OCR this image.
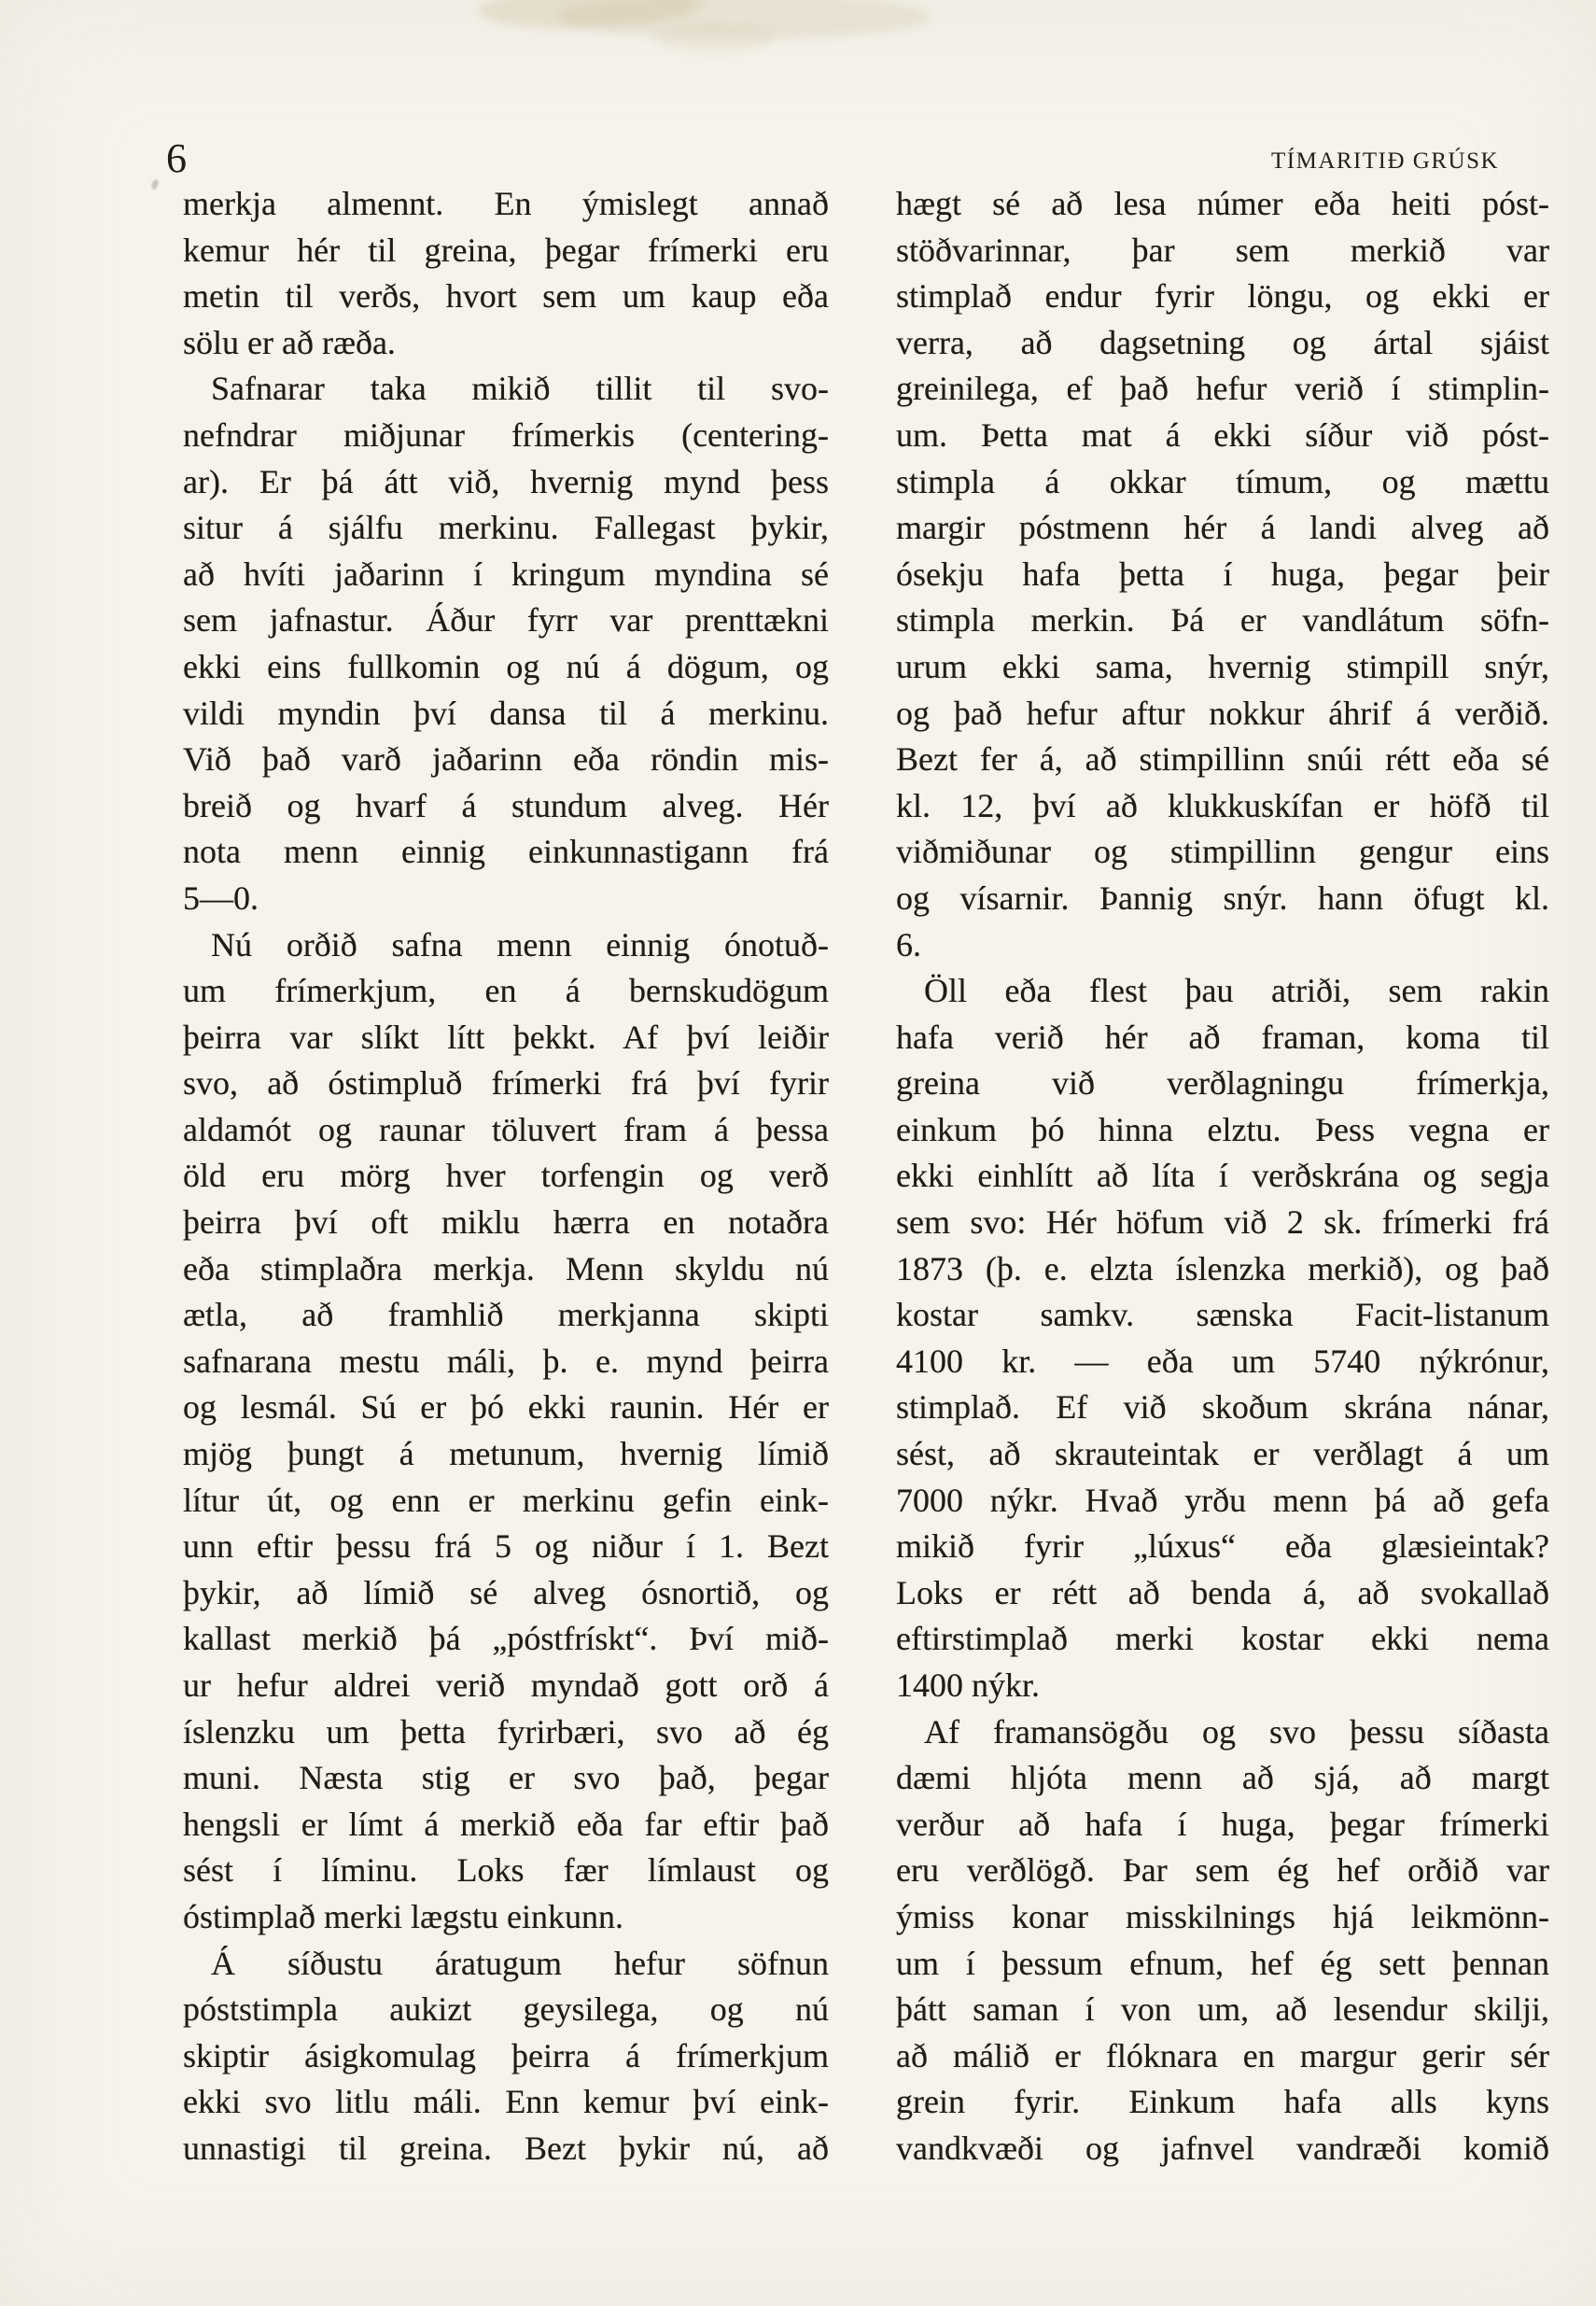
6	TÍMARITIÐ GRÚSK
merkja almennt. En ýmislegt annað
kemur hér til greina, þegar frímerki eru
metin til verðs, hvort sem um kaup eða
sölu er að ræða.
Safnarar taka mikið tillit til svo-
nefndrar miðjunar frímerkis (centering-
ar). Er þá átt við, hvernig mynd þess
situr á sjálfu merkinu. Fallegast þykir,
að hvíti jaðarinn í kringum myndina sé
sem jafnastur. Áður fyrr var prenttækni
ekki eins fullkomin og nú á dögum, og
vildi myndin því dansa til á merkinu.
Við það varð jaðarinn eða röndin mis-
breið og hvarf á stundum alveg. Hér
nota menn einnig einkunnastigann frá
5—0.
Nú orðið safna menn einnig ónotuð-
um frímerkjum, en á bernskudögum
þeirra var slíkt lítt þekkt. Af því leiðir
svo, að óstimpluð frímerki frá því fyrir
aldamót og raunar töluvert fram á þessa
öld eru mörg hver torfengin og verð
þeirra því oft miklu hærra en notaðra
eða stimplaðra merkja. Menn skyldu nú
ætla, að framhlið merkjanna skipti
safnarana mestu máli, þ. e. mynd þeirra
og lesmál. Sú er þó ekki raunin. Hér er
mjög þungt á metunum, hvernig límið
lítur út, og enn er merkinu gefin eink-
unn eftir þessu frá 5 og niður í 1. Bezt
þykir, að límið sé alveg ósnortið, og
kallast merkið þá „póstfrískt“. Því mið-
ur hefur aldrei verið myndað gott orð á
íslenzku um þetta fyrirbæri, svo að ég
muni. Næsta stig er svo það, þegar
hengsli er límt á merkið eða far eftir það
sést í líminu. Loks fær límlaust og
óstimplað merki lægstu einkunn.
Á síðustu áratugum hefur söfnun
póststimpla aukizt geysilega, og nú
skiptir ásigkomulag þeirra á frímerkjum
ekki svo litlu máli. Enn kemur því eink-
unnastigi til greina. Bezt þykir nú, að
hægt sé að lesa númer eða heiti póst-
stöðvarinnar, þar sem merkið var
stimplað endur fyrir löngu, og ekki er
verra, að dagsetning og ártal sjáist
greinilega, ef það hefur verið í stimplin-
um. Þetta mat á ekki síður við póst-
stimpla á okkar tímum, og mættu
margir póstmenn hér á landi alveg að
ósekju hafa þetta í huga, þegar þeir
stimpla merkin. Þá er vandlátum söfn-
urum ekki sama, hvernig stimpill snýr,
og það hefur aftur nokkur áhrif á verðið.
Bezt fer á, að stimpillinn snúi rétt eða sé
kl. 12, því að klukkuskífan er höfð til
viðmiðunar og stimpillinn gengur eins
og vísarnir. Þannig snýr. hann öfugt kl.
6.
Öll eða flest þau atriði, sem rakin
hafa verið hér að framan, koma til
greina við verðlagningu frímerkja,
einkum þó hinna elztu. Þess vegna er
ekki einhlítt að líta í verðskrána og segja
sem svo: Hér höfum við 2 sk. frímerki frá
1873 (þ. e. elzta íslenzka merkið), og það
kostar samkv. sænska Facit-listanum
4100 kr. — eða um 5740 nýkrónur,
stimplað. Ef við skoðum skrána nánar,
sést, að skrauteintak er verðlagt á um
7000 nýkr. Hvað yrðu menn þá að gefa
mikið fyrir „lúxus“ eða glæsieintak?
Loks er rétt að benda á, að svokallað
eftirstimplað merki kostar ekki nema
1400 nýkr.
Af framansögðu og svo þessu síðasta
dæmi hljóta menn að sjá, að margt
verður að hafa í huga, þegar frímerki
eru verðlögð. Þar sem ég hef orðið var
ýmiss konar misskilnings hjá leikmönn-
um í þessum efnum, hef ég sett þennan
þátt saman í von um, að lesendur skilji,
að málið er flóknara en margur gerir sér
grein fyrir. Einkum hafa alls kyns
vandkvæði og jafnvel vandræði komið
